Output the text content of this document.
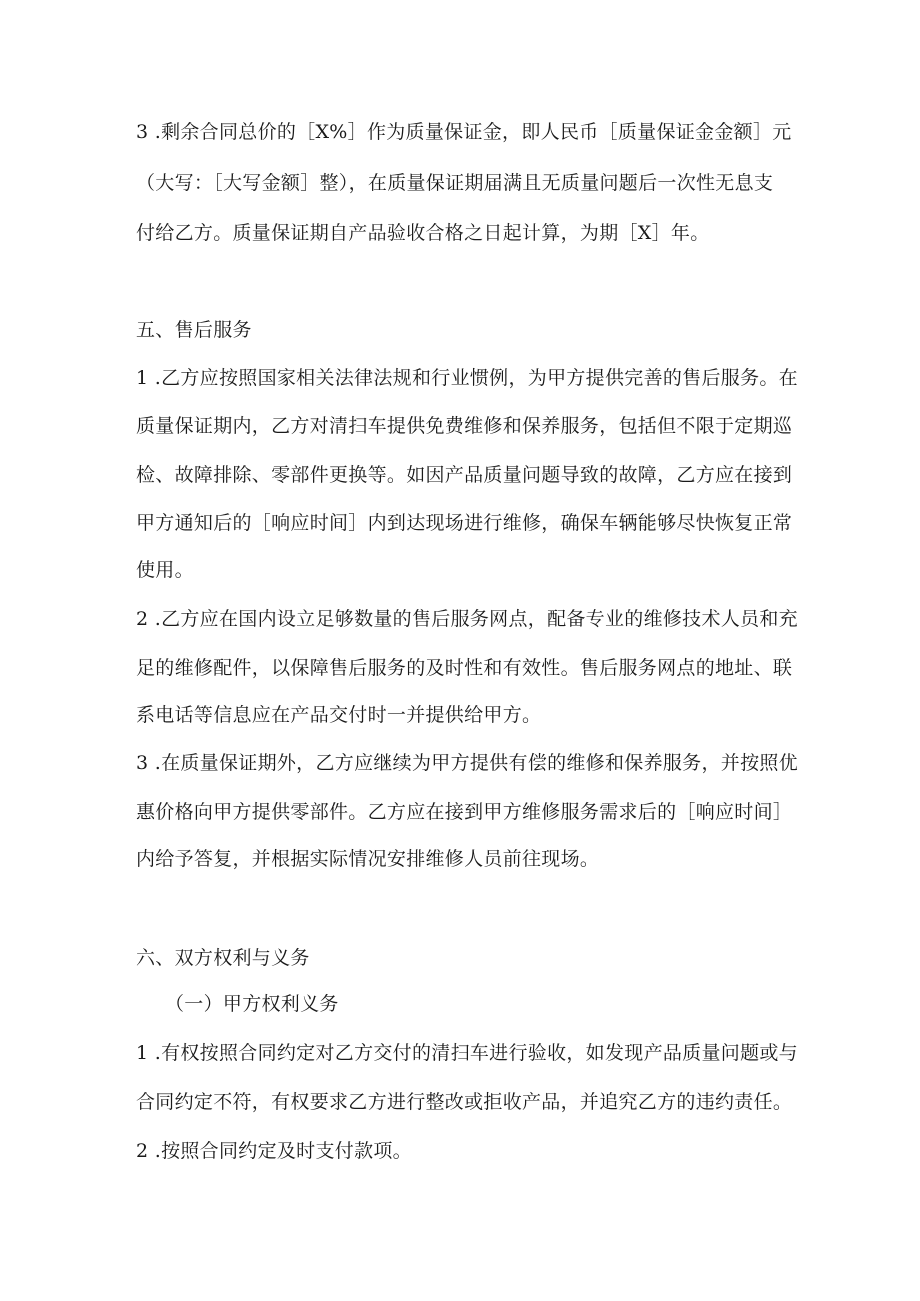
3 .剩余合同总价的［X%］作为质量保证金，即人民币［质量保证金金额］元
（大写：［大写金额］整），在质量保证期届满且无质量问题后一次性无息支
付给乙方。质量保证期自产品验收合格之日起计算，为期［X］年。
五、售后服务
1 .乙方应按照国家相关法律法规和行业惯例，为甲方提供完善的售后服务。在
质量保证期内，乙方对清扫车提供免费维修和保养服务，包括但不限于定期巡
检、故障排除、零部件更换等。如因产品质量问题导致的故障，乙方应在接到
甲方通知后的［响应时间］内到达现场进行维修，确保车辆能够尽快恢复正常
使用。
2 .乙方应在国内设立足够数量的售后服务网点，配备专业的维修技术人员和充
足的维修配件，以保障售后服务的及时性和有效性。售后服务网点的地址、联
系电话等信息应在产品交付时一并提供给甲方。
3 .在质量保证期外，乙方应继续为甲方提供有偿的维修和保养服务，并按照优
惠价格向甲方提供零部件。乙方应在接到甲方维修服务需求后的［响应时间］
内给予答复，并根据实际情况安排维修人员前往现场。
六、双方权利与义务
（一）甲方权利义务
1 .有权按照合同约定对乙方交付的清扫车进行验收，如发现产品质量问题或与
合同约定不符，有权要求乙方进行整改或拒收产品，并追究乙方的违约责任。
2 .按照合同约定及时支付款项。
